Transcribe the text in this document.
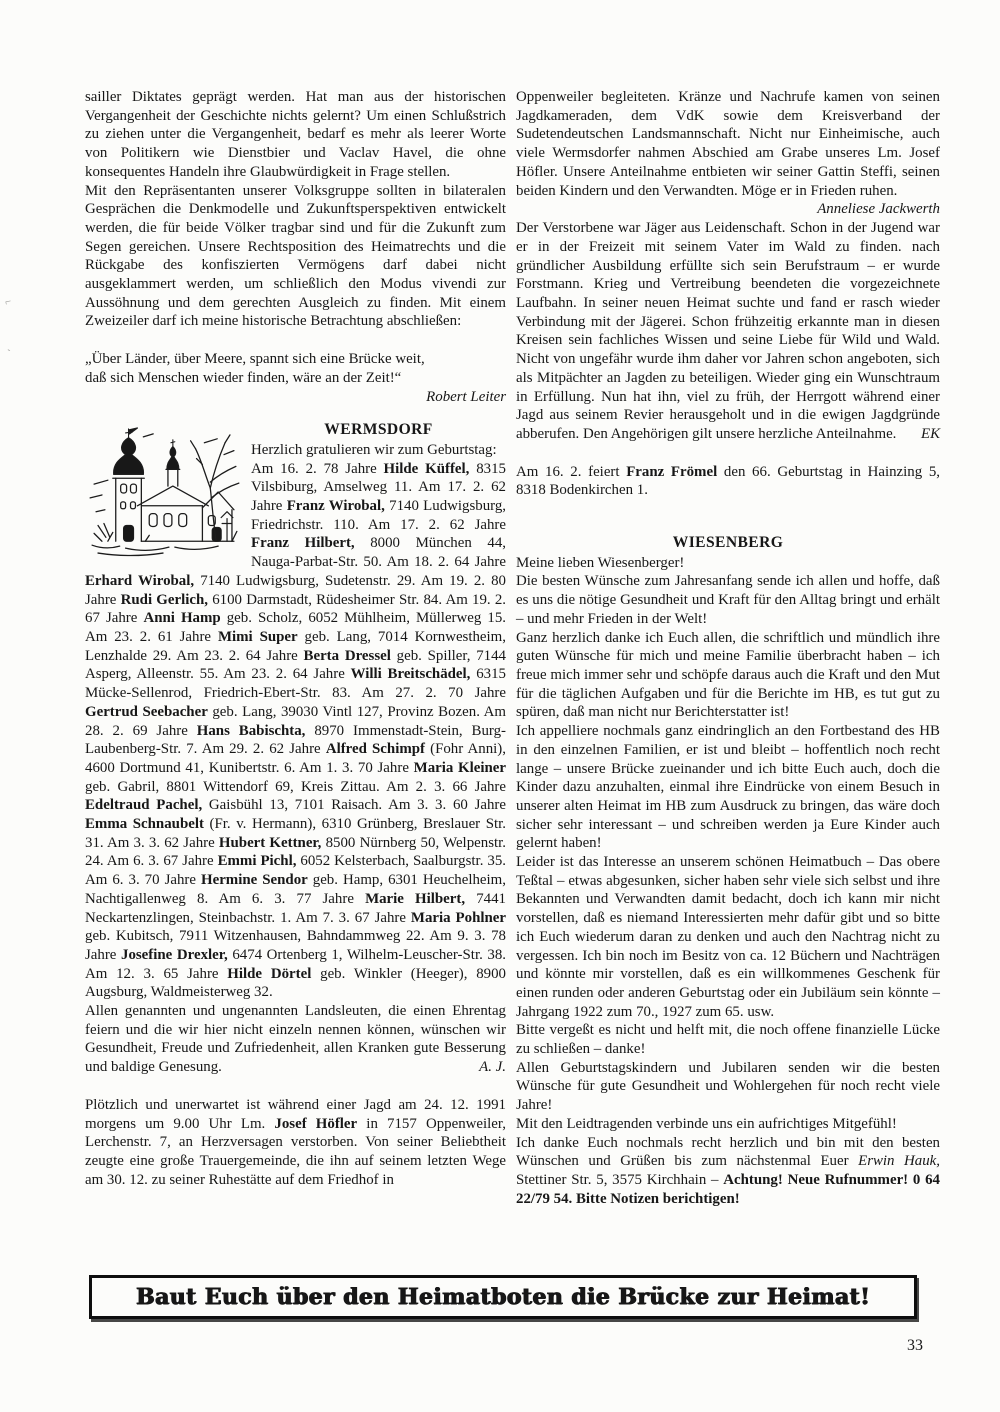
⌐
`

sailler Diktates geprägt werden. Hat man aus der historischen Vergangenheit der Geschichte nichts gelernt? Um einen Schlußstrich zu ziehen unter die Vergangenheit, bedarf es mehr als leerer Worte von Politikern wie Dienstbier und Vaclav Havel, die ohne konsequentes Handeln ihre Glaubwürdigkeit in Frage stellen.

Mit den Repräsentanten unserer Volksgruppe sollten in bilateralen Gesprächen die Denkmodelle und Zukunftsperspektiven entwickelt werden, die für beide Völker tragbar sind und für die Zukunft zum Segen gereichen. Unsere Rechtsposition des Heimatrechts und die Rückgabe des konfiszierten Vermögens darf dabei nicht ausgeklammert werden, um schließlich den Modus vivendi zur Aussöhnung und dem gerechten Ausgleich zu finden. Mit einem Zweizeiler darf ich meine historische Betrachtung abschließen:

„Über Länder, über Meere, spannt sich eine Brücke weit,
daß sich Menschen wieder finden, wäre an der Zeit!“

Robert Leiter

WERMSDORF

Herzlich gratulieren wir zum Geburtstag:
Am 16. 2. 78 Jahre Hilde Küffel, 8315 Vilsbiburg, Amselweg 11. Am 17. 2. 62 Jahre Franz Wirobal, 7140 Ludwigsburg, Friedrichstr. 110. Am 17. 2. 62 Jahre Franz Hilbert, 8000 München 44, Nauga-Parbat-Str. 50. Am 18. 2. 64 Jahre Erhard Wirobal, 7140 Ludwigsburg, Sudetenstr. 29. Am 19. 2. 80 Jahre Rudi Gerlich, 6100 Darmstadt, Rüdesheimer Str. 84. Am 19. 2. 67 Jahre Anni Hamp geb. Scholz, 6052 Mühlheim, Müllerweg 15. Am 23. 2. 61 Jahre Mimi Super geb. Lang, 7014 Kornwestheim, Lenzhalde 29. Am 23. 2. 64 Jahre Berta Dressel geb. Spiller, 7144 Asperg, Alleenstr. 55. Am 23. 2. 64 Jahre Willi Breitschädel, 6315 Mücke-Sellenrod, Friedrich-Ebert-Str. 83. Am 27. 2. 70 Jahre Gertrud Seebacher geb. Lang, 39030 Vintl 127, Provinz Bozen. Am 28. 2. 69 Jahre Hans Babischta, 8970 Immenstadt-Stein, Burg-Laubenberg-Str. 7. Am 29. 2. 62 Jahre Alfred Schimpf (Fohr Anni), 4600 Dortmund 41, Kunibertstr. 6. Am 1. 3. 70 Jahre Maria Kleiner geb. Gabril, 8801 Wittendorf 69, Kreis Zittau. Am 2. 3. 66 Jahre Edeltraud Pachel, Gaisbühl 13, 7101 Raisach. Am 3. 3. 60 Jahre Emma Schnaubelt (Fr. v. Hermann), 6310 Grünberg, Breslauer Str. 31. Am 3. 3. 62 Jahre Hubert Kettner, 8500 Nürnberg 50, Welpenstr. 24. Am 6. 3. 67 Jahre Emmi Pichl, 6052 Kelsterbach, Saalburgstr. 35. Am 6. 3. 70 Jahre Hermine Sendor geb. Hamp, 6301 Heuchelheim, Nachtigallenweg 8. Am 6. 3. 77 Jahre Marie Hilbert, 7441 Neckartenzlingen, Steinbachstr. 1. Am 7. 3. 67 Jahre Maria Pohlner geb. Kubitsch, 7911 Witzenhausen, Bahndammweg 22. Am 9. 3. 78 Jahre Josefine Drexler, 6474 Ortenberg 1, Wilhelm-Leuscher-Str. 38. Am 12. 3. 65 Jahre Hilde Dörtel geb. Winkler (Heeger), 8900 Augsburg, Waldmeisterweg 32.

Allen genannten und ungenannten Landsleuten, die einen Ehrentag feiern und die wir hier nicht einzeln nennen können, wünschen wir Gesundheit, Freude und Zufriedenheit, allen Kranken gute Besserung und baldige Genesung.	A. J.

Plötzlich und unerwartet ist während einer Jagd am 24. 12. 1991 morgens um 9.00 Uhr Lm. Josef Höfler in 7157 Oppenweiler, Lerchenstr. 7, an Herzversagen verstorben. Von seiner Beliebtheit zeugte eine große Trauergemeinde, die ihn auf seinem letzten Wege am 30. 12. zu seiner Ruhestätte auf dem Friedhof in

Oppenweiler begleiteten. Kränze und Nachrufe kamen von seinen Jagdkameraden, dem VdK sowie dem Kreisverband der Sudetendeutschen Landsmannschaft. Nicht nur Einheimische, auch viele Wermsdorfer nahmen Abschied am Grabe unseres Lm. Josef Höfler. Unsere Anteilnahme entbieten wir seiner Gattin Steffi, seinen beiden Kindern und den Verwandten. Möge er in Frieden ruhen.
Anneliese Jackwerth

Der Verstorbene war Jäger aus Leidenschaft. Schon in der Jugend war er in der Freizeit mit seinem Vater im Wald zu finden. nach gründlicher Ausbildung erfüllte sich sein Berufstraum – er wurde Forstmann. Krieg und Vertreibung beendeten die vorgezeichnete Laufbahn. In seiner neuen Heimat suchte und fand er rasch wieder Verbindung mit der Jägerei. Schon frühzeitig erkannte man in diesen Kreisen sein fachliches Wissen und seine Liebe für Wild und Wald. Nicht von ungefähr wurde ihm daher vor Jahren schon angeboten, sich als Mitpächter an Jagden zu beteiligen. Wieder ging ein Wunschtraum in Erfüllung. Nun hat ihn, viel zu früh, der Herrgott während einer Jagd aus seinem Revier herausgeholt und in die ewigen Jagdgründe abberufen. Den Angehörigen gilt unsere herzliche Anteilnahme.	EK

Am 16. 2. feiert Franz Frömel den 66. Geburtstag in Hainzing 5, 8318 Bodenkirchen 1.

WIESENBERG

Meine lieben Wiesenberger!

Die besten Wünsche zum Jahresanfang sende ich allen und hoffe, daß es uns die nötige Gesundheit und Kraft für den Alltag bringt und erhält – und mehr Frieden in der Welt!

Ganz herzlich danke ich Euch allen, die schriftlich und mündlich ihre guten Wünsche für mich und meine Familie überbracht haben – ich freue mich immer sehr und schöpfe daraus auch die Kraft und den Mut für die täglichen Aufgaben und für die Berichte im HB, es tut gut zu spüren, daß man nicht nur Berichterstatter ist!

Ich appelliere nochmals ganz eindringlich an den Fortbestand des HB in den einzelnen Familien, er ist und bleibt – hoffentlich noch recht lange – unsere Brücke zueinander und ich bitte Euch auch, doch die Kinder dazu anzuhalten, einmal ihre Eindrücke von einem Besuch in unserer alten Heimat im HB zum Ausdruck zu bringen, das wäre doch sicher sehr interessant – und schreiben werden ja Eure Kinder auch gelernt haben!

Leider ist das Interesse an unserem schönen Heimatbuch – Das obere Teßtal – etwas abgesunken, sicher haben sehr viele sich selbst und ihre Bekannten und Verwandten damit bedacht, doch ich kann mir nicht vorstellen, daß es niemand Interessierten mehr dafür gibt und so bitte ich Euch wiederum daran zu denken und auch den Nachtrag nicht zu vergessen. Ich bin noch im Besitz von ca. 12 Büchern und Nachträgen und könnte mir vorstellen, daß es ein willkommenes Geschenk für einen runden oder anderen Geburtstag oder ein Jubiläum sein könnte – Jahrgang 1922 zum 70., 1927 zum 65. usw.

Bitte vergeßt es nicht und helft mit, die noch offene finanzielle Lücke zu schließen – danke!

Allen Geburtstagskindern und Jubilaren senden wir die besten Wünsche für gute Gesundheit und Wohlergehen für noch recht viele Jahre!

Mit den Leidtragenden verbinde uns ein aufrichtiges Mitgefühl!

Ich danke Euch nochmals recht herzlich und bin mit den besten Wünschen und Grüßen bis zum nächstenmal Euer Erwin Hauk, Stettiner Str. 5, 3575 Kirchhain – Achtung! Neue Rufnummer! 0 64 22/79 54. Bitte Notizen berichtigen!

Baut Euch über den Heimatboten die Brücke zur Heimat!
33
